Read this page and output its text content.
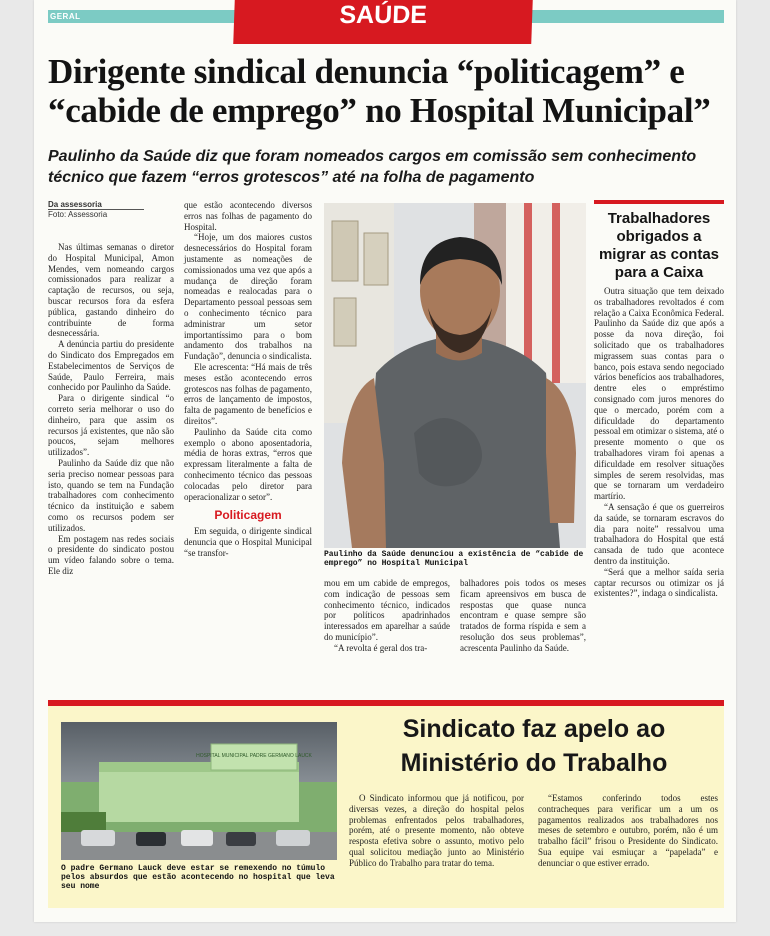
GERAL	SAÚDE
Dirigente sindical denuncia “politicagem” e
“cabide de emprego” no Hospital Municipal”
Paulinho da Saúde diz que foram nomeados cargos em comissão sem conhecimento técnico que fazem “erros grotescos” até na folha de pagamento
Da assessoria
Foto: Assessoria

Nas últimas semanas o diretor do Hospital Municipal, Amon Mendes, vem nomeando cargos comissionados para realizar a captação de recursos, ou seja, buscar recursos fora da esfera pública, gastando dinheiro do contribuinte de forma desnecessária.

A denúncia partiu do presidente do Sindicato dos Empregados em Estabelecimentos de Serviços de Saúde, Paulo Ferreira, mais conhecido por Paulinho da Saúde.

Para o dirigente sindical “o correto seria melhorar o uso do dinheiro, para que assim os recursos já existentes, que não são poucos, sejam melhores utilizados”.

Paulinho da Saúde diz que não seria preciso nomear pessoas para isto, quando se tem na Fundação trabalhadores com conhecimento técnico da instituição e sabem como os recursos podem ser utilizados.

Em postagem nas redes sociais o presidente do sindicato postou um vídeo falando sobre o tema. Ele diz

que estão acontecendo diversos erros nas folhas de pagamento do Hospital.

“Hoje, um dos maiores custos desnecessários do Hospital foram justamente as nomeações de comissionados uma vez que após a mudança de direção foram nomeadas e realocadas para o Departamento pessoal pessoas sem o conhecimento técnico para administrar um setor importantíssimo para o bom andamento dos trabalhos na Fundação”, denuncia o sindicalista.

Ele acrescenta: “Há mais de três meses estão acontecendo erros grotescos nas folhas de pagamento, erros de lançamento de impostos, falta de pagamento de benefícios e direitos”.

Paulinho da Saúde cita como exemplo o abono aposentadoria, média de horas extras, “erros que expressam literalmente a falta de conhecimento técnico das pessoas colocadas pelo diretor para operacionalizar o setor”.

Politicagem

Em seguida, o dirigente sindical denuncia que o Hospital Municipal “se transfor-	Paulinho da Saúde denunciou a existência de “cabide de emprego” no Hospital Municipal

mou em um cabide de empregos, com indicação de pessoas sem conhecimento técnico, indicados por políticos apadrinhados interessados em aparelhar a saúde do município”.

“A revolta é geral dos tra-

balhadores pois todos os meses ficam apreensivos em busca de respostas que quase nunca encontram e quase sempre são tratados de forma ríspida e sem a resolução dos seus problemas”, acrescenta Paulinho da Saúde.

Trabalhadores obrigados a migrar as contas para a Caixa

Outra situação que tem deixado os trabalhadores revoltados é com relação a Caixa Econômica Federal. Paulinho da Saúde diz que após a posse da nova direção, foi solicitado que os trabalhadores migrassem suas contas para o banco, pois estava sendo negociado vários benefícios aos trabalhadores, dentre eles o empréstimo consignado com juros menores do que o mercado, porém com a dificuldade do departamento pessoal em otimizar o sistema, até o presente momento o que os trabalhadores viram foi apenas a dificuldade em resolver situações simples de serem resolvidas, mas que se tornaram um verdadeiro martírio.

“A sensação é que os guerreiros da saúde, se tornaram escravos do dia para noite” ressalvou uma trabalhadora do Hospital que está cansada de tudo que acontece dentro da instituição.

“Será que a melhor saída seria captar recursos ou otimizar os já existentes?”, indaga o sindicalista.

HOSPITAL MUNICIPAL PADRE GERMANO LAUCK
O padre Germano Lauck deve estar se remexendo no túmulo pelos absurdos que estão acontecendo no hospital que leva seu nome
Sindicato faz apelo ao
Ministério do Trabalho

O Sindicato informou que já notificou, por diversas vezes, a direção do hospital pelos problemas enfrentados pelos trabalhadores, porém, até o presente momento, não obteve resposta efetiva sobre o assunto, motivo pelo qual solicitou mediação junto ao Ministério Público do Trabalho para tratar do tema.

“Estamos conferindo todos estes contracheques para verificar um a um os pagamentos realizados aos trabalhadores nos meses de setembro e outubro, porém, não é um trabalho fácil” frisou o Presidente do Sindicato. Sua equipe vai esmiuçar a “papelada” e denunciar o que estiver errado.
